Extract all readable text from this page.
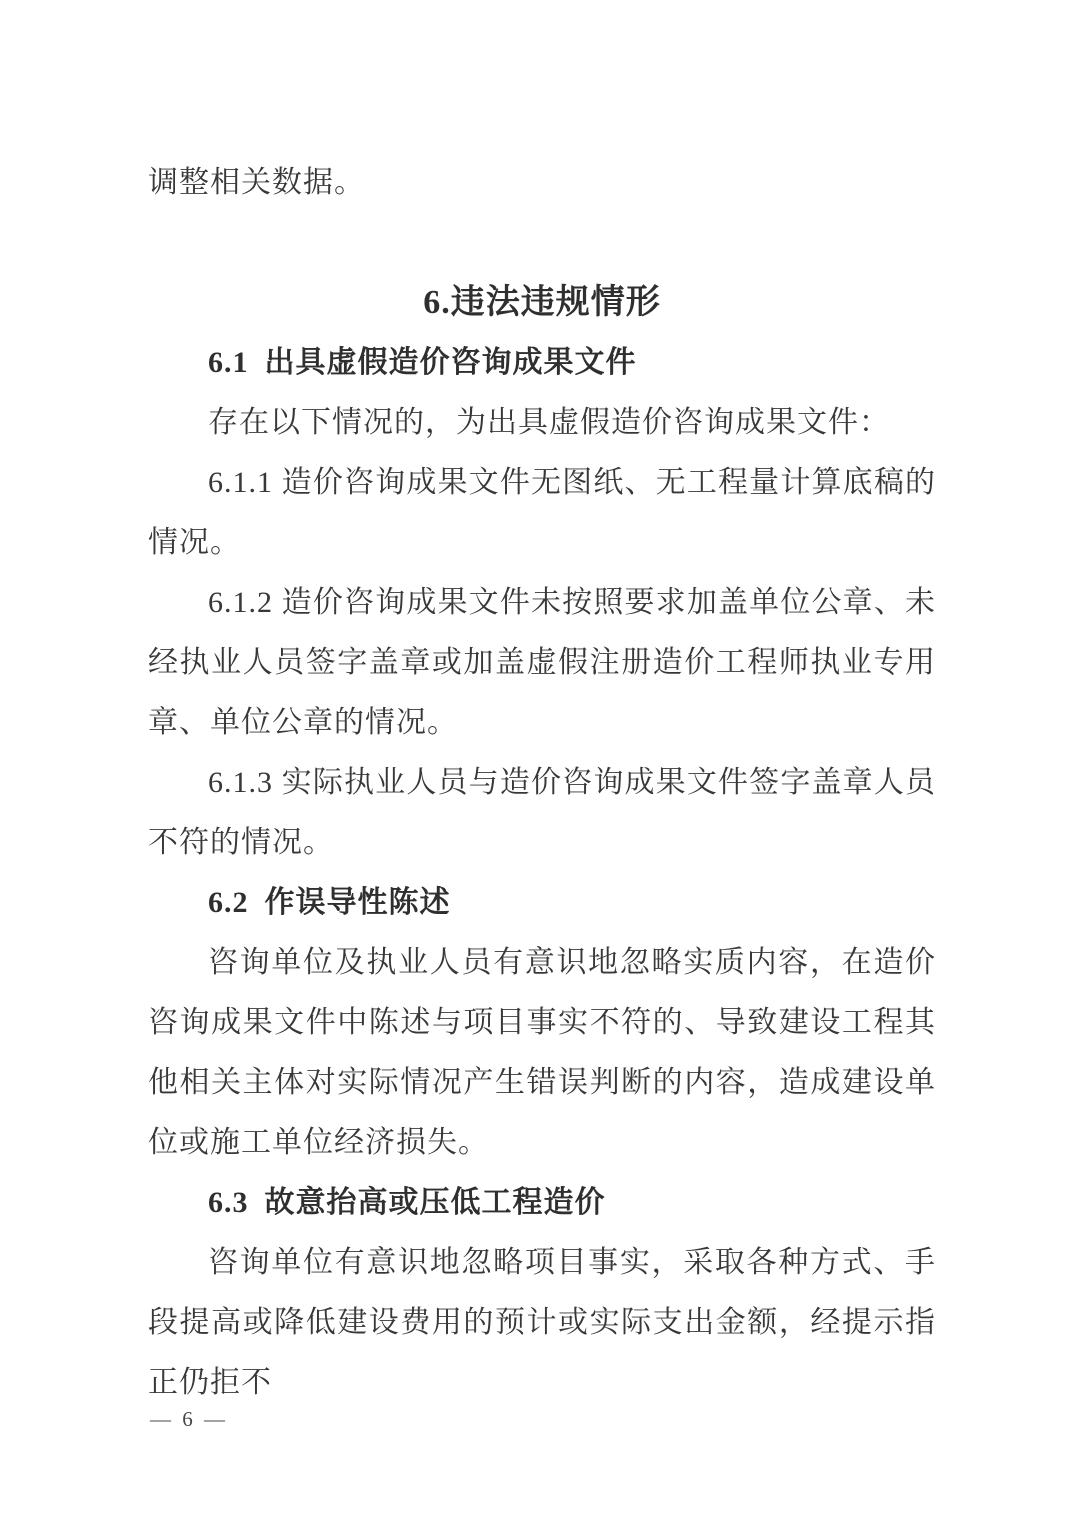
调整相关数据。

6.违法违规情形

6.1 出具虚假造价咨询成果文件

存在以下情况的，为出具虚假造价咨询成果文件：

6.1.1 造价咨询成果文件无图纸、无工程量计算底稿的情况。

6.1.2 造价咨询成果文件未按照要求加盖单位公章、未经执业人员签字盖章或加盖虚假注册造价工程师执业专用章、单位公章的情况。

6.1.3 实际执业人员与造价咨询成果文件签字盖章人员不符的情况。

6.2 作误导性陈述

咨询单位及执业人员有意识地忽略实质内容，在造价咨询成果文件中陈述与项目事实不符的、导致建设工程其他相关主体对实际情况产生错误判断的内容，造成建设单位或施工单位经济损失。

6.3 故意抬高或压低工程造价

咨询单位有意识地忽略项目事实，采取各种方式、手段提高或降低建设费用的预计或实际支出金额，经提示指正仍拒不

— 6 —
